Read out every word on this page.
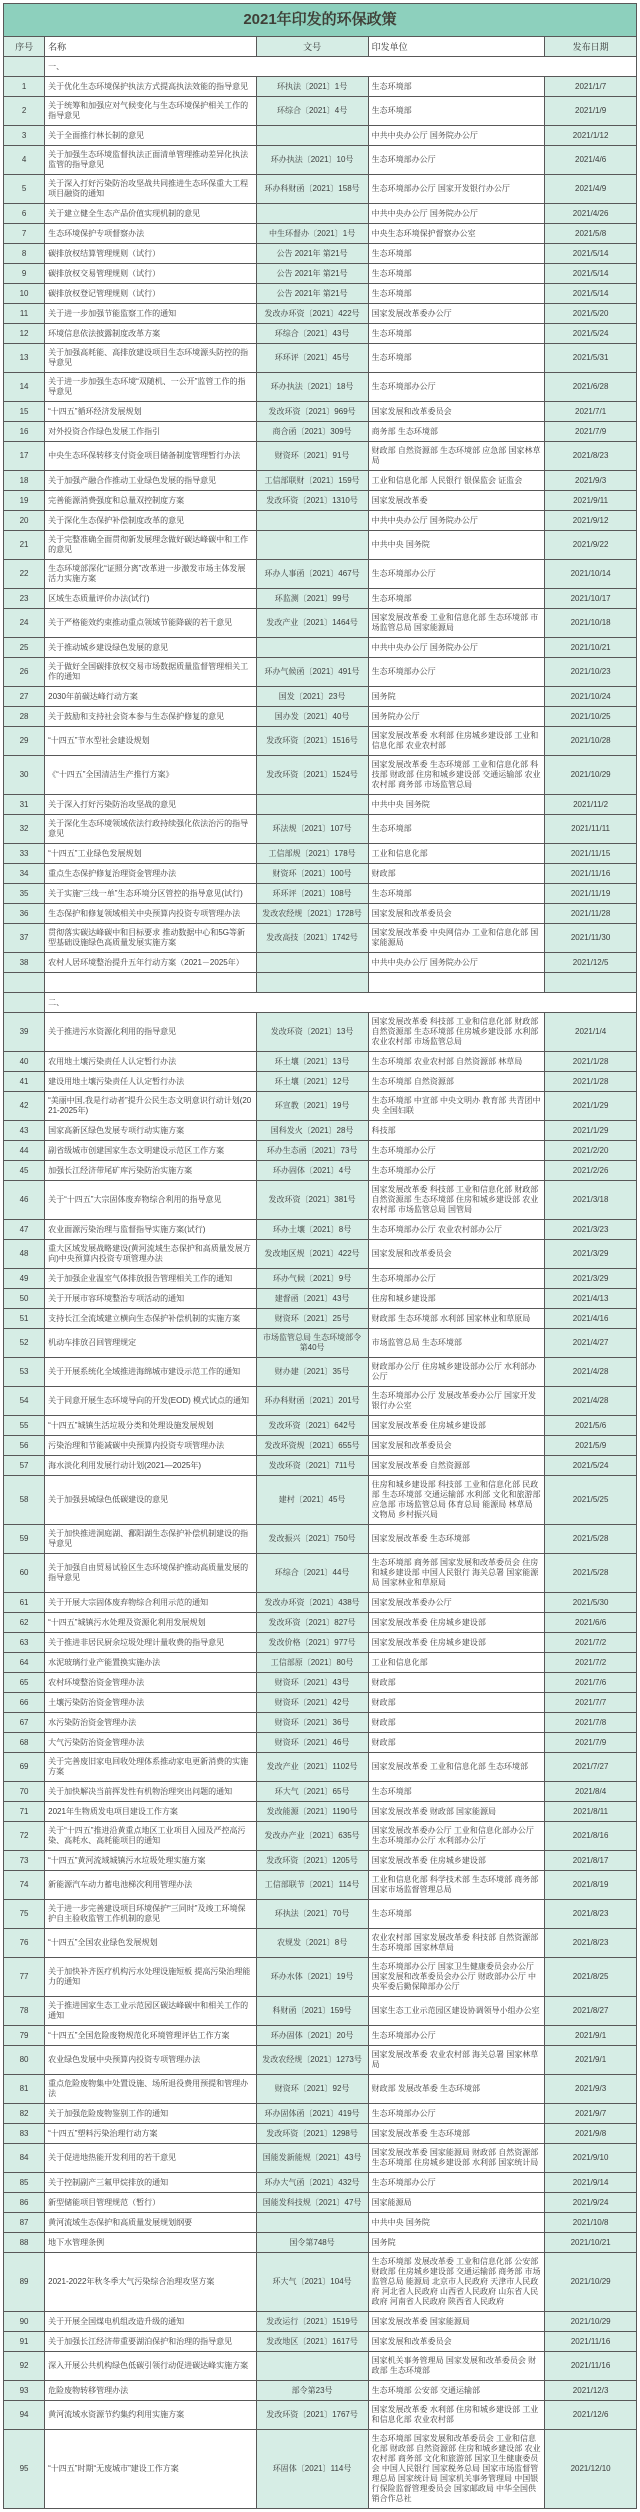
2021年印发的环保政策				
序号	名称	文号	印发单位	发布日期
	一、			
1	关于优化生态环境保护执法方式提高执法效能的指导意见	环执法〔2021〕1号	生态环境部	2021/1/7
2	关于统筹和加强应对气候变化与生态环境保护相关工作的指导意见	环综合〔2021〕4号	生态环境部	2021/1/9
3	关于全面推行林长制的意见		中共中央办公厅 国务院办公厅	2021/1/12
4	关于加强生态环境监督执法正面清单管理推动差异化执法监管的指导意见	环办执法〔2021〕10号	生态环境部办公厅	2021/4/6
5	关于深入打好污染防治攻坚战共同推进生态环保重大工程项目融资的通知	环办科财函〔2021〕158号	生态环境部办公厅 国家开发银行办公厅	2021/4/9
6	关于建立健全生态产品价值实现机制的意见		中共中央办公厅 国务院办公厅	2021/4/26
7	生态环境保护专项督察办法	中生环督办〔2021〕1号	中央生态环境保护督察办公室	2021/5/8
8	碳排放权结算管理规则（试行）	公告 2021年 第21号	生态环境部	2021/5/14
9	碳排放权交易管理规则（试行）	公告 2021年 第21号	生态环境部	2021/5/14
10	碳排放权登记管理规则（试行）	公告 2021年 第21号	生态环境部	2021/5/14
11	关于进一步加强节能监察工作的通知	发改办环资〔2021〕422号	国家发展改革委办公厅	2021/5/20
12	环境信息依法披露制度改革方案	环综合〔2021〕43号	生态环境部	2021/5/24
13	关于加强高耗能、高排放建设项目生态环境源头防控的指导意见	环环评〔2021〕45号	生态环境部	2021/5/31
14	关于进一步加强生态环境“双随机、一公开”监管工作的指导意见	环办执法〔2021〕18号	生态环境部办公厅	2021/6/28
15	“十四五”循环经济发展规划	发改环资〔2021〕969号	国家发展和改革委员会	2021/7/1
16	对外投资合作绿色发展工作指引	商合函〔2021〕309号	商务部 生态环境部	2021/7/9
17	中央生态环保转移支付资金项目储备制度管理暂行办法	财资环〔2021〕91号	财政部 自然资源部 生态环境部 应急部 国家林草局	2021/8/23
18	关于加强产融合作推动工业绿色发展的指导意见	工信部联财〔2021〕159号	工业和信息化部 人民银行 银保监会 证监会	2021/9/3
19	完善能源消费强度和总量双控制度方案	发改环资〔2021〕1310号	国家发展改革委	2021/9/11
20	关于深化生态保护补偿制度改革的意见		中共中央办公厅 国务院办公厅	2021/9/12
21	关于完整准确全面贯彻新发展理念做好碳达峰碳中和工作的意见		中共中央 国务院	2021/9/22
22	生态环境部深化“证照分离”改革进一步激发市场主体发展活力实施方案	环办人事函〔2021〕467号	生态环境部办公厅	2021/10/14
23	区域生态质量评价办法(试行)	环监测〔2021〕99号	生态环境部	2021/10/17
24	关于严格能效约束推动重点领域节能降碳的若干意见	发改产业〔2021〕1464号	国家发展改革委 工业和信息化部 生态环境部 市场监管总局 国家能源局	2021/10/18
25	关于推动城乡建设绿色发展的意见		中共中央办公厅 国务院办公厅	2021/10/21
26	关于做好全国碳排放权交易市场数据质量监督管理相关工作的通知	环办气候函〔2021〕491号	生态环境部办公厅	2021/10/23
27	2030年前碳达峰行动方案	国发〔2021〕23号	国务院	2021/10/24
28	关于鼓励和支持社会资本参与生态保护修复的意见	国办发〔2021〕40号	国务院办公厅	2021/10/25
29	“十四五”节水型社会建设规划	发改环资〔2021〕1516号	国家发展改革委 水利部 住房城乡建设部 工业和信息化部 农业农村部	2021/10/28
30	《“十四五”全国清洁生产推行方案》	发改环资〔2021〕1524号	国家发展改革委 生态环境部 工业和信息化部 科技部 财政部 住房和城乡建设部 交通运输部 农业农村部 商务部 市场监管总局	2021/10/29
31	关于深入打好污染防治攻坚战的意见		中共中央 国务院	2021/11/2
32	关于深化生态环境领域依法行政持续强化依法治污的指导意见	环法规〔2021〕107号	生态环境部	2021/11/11
33	“十四五”工业绿色发展规划	工信部规〔2021〕178号	工业和信息化部	2021/11/15
34	重点生态保护修复治理资金管理办法	财资环〔2021〕100号	财政部	2021/11/16
35	关于实施“三线一单”生态环境分区管控的指导意见(试行)	环环评〔2021〕108号	生态环境部	2021/11/19
36	生态保护和修复领域相关中央预算内投资专项管理办法	发改农经规〔2021〕1728号	国家发展和改革委员会	2021/11/28
37	贯彻落实碳达峰碳中和目标要求 推动数据中心和5G等新型基础设施绿色高质量发展实施方案	发改高技〔2021〕1742号	国家发展改革委 中央网信办 工业和信息化部 国家能源局	2021/11/30
38	农村人居环境整治提升五年行动方案（2021－2025年）		中共中央办公厅 国务院办公厅	2021/12/5

	二、			
39	关于推进污水资源化利用的指导意见	发改环资〔2021〕13号	国家发展改革委 科技部 工业和信息化部 财政部 自然资源部 生态环境部 住房城乡建设部 水利部 农业农村部 市场监管总局	2021/1/4
40	农用地土壤污染责任人认定暂行办法	环土壤〔2021〕13号	生态环境部 农业农村部 自然资源部 林草局	2021/1/28
41	建设用地土壤污染责任人认定暂行办法	环土壤〔2021〕12号	生态环境部 自然资源部	2021/1/28
42	“美丽中国,我是行动者”提升公民生态文明意识行动计划(2021-2025年)	环宣教〔2021〕19号	生态环境部 中宣部 中央文明办 教育部 共青团中央 全国妇联	2021/1/29
43	国家高新区绿色发展专项行动实施方案	国科发火〔2021〕28号	科技部	2021/1/29
44	副省级城市创建国家生态文明建设示范区工作方案	环办生态函〔2021〕73号	生态环境部办公厅	2021/2/20
45	加强长江经济带尾矿库污染防治实施方案	环办固体〔2021〕4号	生态环境部办公厅	2021/2/26
46	关于“十四五”大宗固体废弃物综合利用的指导意见	发改环资〔2021〕381号	国家发展改革委 科技部 工业和信息化部 财政部 自然资源部 生态环境部 住房和城乡建设部 农业农村部 市场监管总局 国管局	2021/3/18
47	农业面源污染治理与监督指导实施方案(试行)	环办土壤〔2021〕8号	生态环境部办公厅 农业农村部办公厅	2021/3/23
48	重大区域发展战略建设(黄河流域生态保护和高质量发展方向)中央预算内投资专项管理办法	发改地区规〔2021〕422号	国家发展和改革委员会	2021/3/29
49	关于加强企业温室气体排放报告管理相关工作的通知	环办气候〔2021〕9号	生态环境部办公厅	2021/3/29
50	关于开展市容环境整治专项活动的通知	建督函〔2021〕43号	住房和城乡建设部	2021/4/13
51	支持长江全流域建立横向生态保护补偿机制的实施方案	财资环〔2021〕25号	财政部 生态环境部 水利部 国家林业和草原局	2021/4/16
52	机动车排放召回管理规定	市场监管总局 生态环境部令第40号	市场监管总局 生态环境部	2021/4/27
53	关于开展系统化全域推进海绵城市建设示范工作的通知	财办建〔2021〕35号	财政部办公厅 住房城乡建设部办公厅 水利部办公厅	2021/4/28
54	关于同意开展生态环境导向的开发(EOD) 模式试点的通知	环办科财函〔2021〕201号	生态环境部办公厅 发展改革委办公厅 国家开发银行办公室	2021/4/28
55	“十四五”城镇生活垃圾分类和处理设施发展规划	发改环资〔2021〕642号	国家发展改革委 住房城乡建设部	2021/5/6
56	污染治理和节能减碳中央预算内投资专项管理办法	发改环资规〔2021〕655号	国家发展和改革委员会	2021/5/9
57	海水淡化利用发展行动计划(2021—2025年)	发改环资〔2021〕711号	国家发展改革委 自然资源部	2021/5/24
58	关于加强县城绿色低碳建设的意见	建村〔2021〕45号	住房和城乡建设部 科技部 工业和信息化部 民政部 生态环境部 交通运输部 水利部 文化和旅游部 应急部 市场监管总局 体育总局 能源局 林草局 文物局 乡村振兴局	2021/5/25
59	关于加快推进洞庭湖、鄱阳湖生态保护补偿机制建设的指导意见	发改振兴〔2021〕750号	国家发展改革委 生态环境部	2021/5/28
60	关于加强自由贸易试验区生态环境保护推动高质量发展的指导意见	环综合〔2021〕44号	生态环境部 商务部 国家发展和改革委员会 住房和城乡建设部 中国人民银行 海关总署 国家能源局 国家林业和草原局	2021/5/28
61	关于开展大宗固体废弃物综合利用示范的通知	发改办环资〔2021〕438号	国家发展改革委办公厅	2021/5/30
62	“十四五”城镇污水处理及资源化利用发展规划	发改环资〔2021〕827号	国家发展改革委 住房城乡建设部	2021/6/6
63	关于推进非居民厨余垃圾处理计量收费的指导意见	发改价格〔2021〕977号	国家发展改革委 住房城乡建设部	2021/7/2
64	水泥玻璃行业产能置换实施办法	工信部原〔2021〕80号	工业和信息化部	2021/7/2
65	农村环境整治资金管理办法	财资环〔2021〕43号	财政部	2021/7/6
66	土壤污染防治资金管理办法	财资环〔2021〕42号	财政部	2021/7/7
67	水污染防治资金管理办法	财资环〔2021〕36号	财政部	2021/7/8
68	大气污染防治资金管理办法	财资环〔2021〕46号	财政部	2021/7/9
69	关于完善废旧家电回收处理体系推动家电更新消费的实施方案	发改产业〔2021〕1102号	国家发展改革委 工业和信息化部 生态环境部	2021/7/27
70	关于加快解决当前挥发性有机物治理突出问题的通知	环大气〔2021〕65号	生态环境部	2021/8/4
71	2021年生物质发电项目建设工作方案	发改能源〔2021〕1190号	国家发展改革委 财政部 国家能源局	2021/8/11
72	关于“十四五”推进沿黄重点地区工业项目入园及严控高污染、高耗水、高耗能项目的通知	发改办产业〔2021〕635号	国家发展改革委办公厅 工业和信息化部办公厅 生态环境部办公厅 水利部办公厅	2021/8/16
73	“十四五”黄河流域城镇污水垃圾处理实施方案	发改环资〔2021〕1205号	国家发展改革委 住房城乡建设部	2021/8/17
74	新能源汽车动力蓄电池梯次利用管理办法	工信部联节〔2021〕114号	工业和信息化部 科学技术部 生态环境部 商务部 国家市场监督管理总局	2021/8/19
75	关于进一步完善建设项目环境保护“三同时”及竣工环境保护自主验收监管工作机制的意见	环执法〔2021〕70号	生态环境部	2021/8/23
76	“十四五”全国农业绿色发展规划	农规发〔2021〕8号	农业农村部 国家发展改革委 科技部 自然资源部 生态环境部 国家林草局	2021/8/23
77	关于加快补齐医疗机构污水处理设施短板 提高污染治理能力的通知	环办水体〔2021〕19号	生态环境部办公厅 国家卫生健康委员会办公厅 国家发展和改革委员会办公厅 财政部办公厅 中央军委后勤保障部办公厅	2021/8/25
78	关于推进国家生态工业示范园区碳达峰碳中和相关工作的通知	科财函〔2021〕159号	国家生态工业示范园区建设协调领导小组办公室	2021/8/27
79	“十四五”全国危险废物规范化环境管理评估工作方案	环办固体〔2021〕20号	生态环境部办公厅	2021/9/1
80	农业绿色发展中央预算内投资专项管理办法	发改农经规〔2021〕1273号	国家发展改革委 农业农村部 海关总署 国家林草局	2021/9/1
81	重点危险废物集中处置设施、场所退役费用预提和管理办法	财资环〔2021〕92号	财政部 发展改革委 生态环境部	2021/9/3
82	关于加强危险废物鉴别工作的通知	环办固体函〔2021〕419号	生态环境部办公厅	2021/9/7
83	“十四五”塑料污染治理行动方案	发改环资〔2021〕1298号	国家发展改革委 生态环境部	2021/9/8
84	关于促进地热能开发利用的若干意见	国能发新能规〔2021〕43号	国家发展改革委 国家能源局 财政部 自然资源部 生态环境部 住房城乡建设部 水利部 国家统计局	2021/9/10
85	关于控制副产三氟甲烷排放的通知	环办大气函〔2021〕432号	生态环境部办公厅	2021/9/14
86	新型储能项目管理规范（暂行）	国能发科技规〔2021〕47号	国家能源局	2021/9/24
87	黄河流域生态保护和高质量发展规划纲要		中共中央 国务院	2021/10/8
88	地下水管理条例	国令第748号	国务院	2021/10/21
89	2021-2022年秋冬季大气污染综合治理攻坚方案	环大气〔2021〕104号	生态环境部 发展改革委 工业和信息化部 公安部 财政部 住房城乡建设部 交通运输部 商务部 市场监管总局 能源局 北京市人民政府 天津市人民政府 河北省人民政府 山西省人民政府 山东省人民政府 河南省人民政府 陕西省人民政府	2021/10/29
90	关于开展全国煤电机组改造升级的通知	发改运行〔2021〕1519号	国家发展改革委 国家能源局	2021/10/29
91	关于加强长江经济带重要湖泊保护和治理的指导意见	发改地区〔2021〕1617号	国家发展和改革委员会	2021/11/16
92	深入开展公共机构绿色低碳引领行动促进碳达峰实施方案		国家机关事务管理局 国家发展和改革委员会 财政部 生态环境部	2021/11/16
93	危险废物转移管理办法	部令第23号	生态环境部 公安部 交通运输部	2021/12/3
94	黄河流域水资源节约集约利用实施方案	发改环资〔2021〕1767号	国家发展改革委 水利部 住房和城乡建设部 工业和信息化部 农业农村部	2021/12/6
95	“十四五”时期“无废城市”建设工作方案	环固体〔2021〕114号	生态环境部 国家发展和改革委员会 工业和信息化部 财政部 自然资源部 住房和城乡建设部 农业农村部 商务部 文化和旅游部 国家卫生健康委员会 中国人民银行 国家税务总局 国家市场监督管理总局 国家统计局 国家机关事务管理局 中国银行保险监督管理委员会 国家邮政局 中华全国供销合作总社	2021/12/10
